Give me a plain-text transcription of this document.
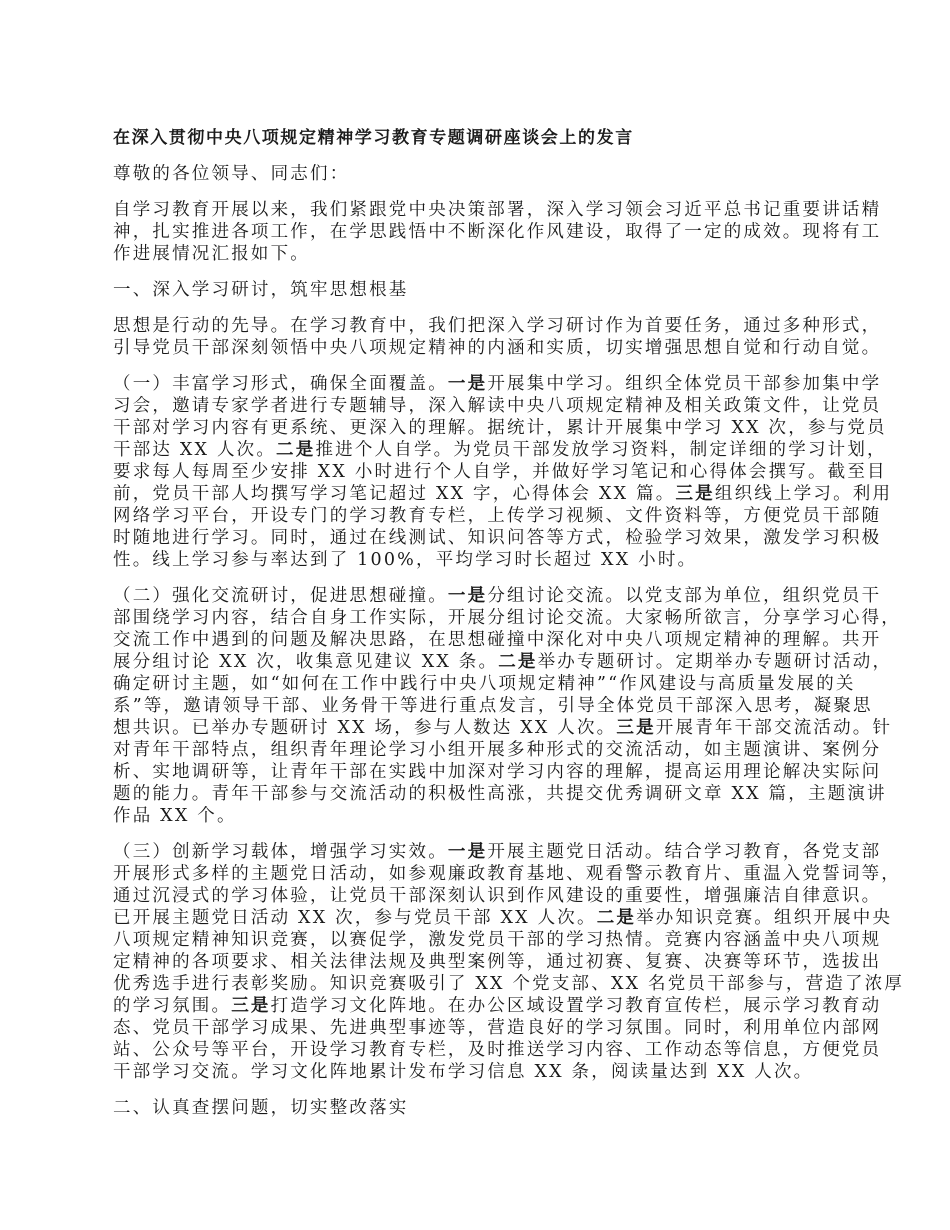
在深入贯彻中央八项规定精神学习教育专题调研座谈会上的发言
尊敬的各位领导、同志们：
自学习教育开展以来，我们紧跟党中央决策部署，深入学习领会习近平总书记重要讲话精
神，扎实推进各项工作，在学思践悟中不断深化作风建设，取得了一定的成效。现将有工
作进展情况汇报如下。
一、深入学习研讨，筑牢思想根基
思想是行动的先导。在学习教育中，我们把深入学习研讨作为首要任务，通过多种形式，
引导党员干部深刻领悟中央八项规定精神的内涵和实质，切实增强思想自觉和行动自觉。
（一）丰富学习形式，确保全面覆盖。一是开展集中学习。组织全体党员干部参加集中学
习会，邀请专家学者进行专题辅导，深入解读中央八项规定精神及相关政策文件，让党员
干部对学习内容有更系统、更深入的理解。据统计，累计开展集中学习 XX 次，参与党员
干部达 XX 人次。二是推进个人自学。为党员干部发放学习资料，制定详细的学习计划，
要求每人每周至少安排 XX 小时进行个人自学，并做好学习笔记和心得体会撰写。截至目
前，党员干部人均撰写学习笔记超过 XX 字，心得体会 XX 篇。三是组织线上学习。利用
网络学习平台，开设专门的学习教育专栏，上传学习视频、文件资料等，方便党员干部随
时随地进行学习。同时，通过在线测试、知识问答等方式，检验学习效果，激发学习积极
性。线上学习参与率达到了 100%，平均学习时长超过 XX 小时。
（二）强化交流研讨，促进思想碰撞。一是分组讨论交流。以党支部为单位，组织党员干
部围绕学习内容，结合自身工作实际，开展分组讨论交流。大家畅所欲言，分享学习心得，
交流工作中遇到的问题及解决思路，在思想碰撞中深化对中央八项规定精神的理解。共开
展分组讨论 XX 次，收集意见建议 XX 条。二是举办专题研讨。定期举办专题研讨活动，
确定研讨主题，如“如何在工作中践行中央八项规定精神”“作风建设与高质量发展的关
系”等，邀请领导干部、业务骨干等进行重点发言，引导全体党员干部深入思考，凝聚思
想共识。已举办专题研讨 XX 场，参与人数达 XX 人次。三是开展青年干部交流活动。针
对青年干部特点，组织青年理论学习小组开展多种形式的交流活动，如主题演讲、案例分
析、实地调研等，让青年干部在实践中加深对学习内容的理解，提高运用理论解决实际问
题的能力。青年干部参与交流活动的积极性高涨，共提交优秀调研文章 XX 篇，主题演讲
作品 XX 个。
（三）创新学习载体，增强学习实效。一是开展主题党日活动。结合学习教育，各党支部
开展形式多样的主题党日活动，如参观廉政教育基地、观看警示教育片、重温入党誓词等，
通过沉浸式的学习体验，让党员干部深刻认识到作风建设的重要性，增强廉洁自律意识。
已开展主题党日活动 XX 次，参与党员干部 XX 人次。二是举办知识竞赛。组织开展中央
八项规定精神知识竞赛，以赛促学，激发党员干部的学习热情。竞赛内容涵盖中央八项规
定精神的各项要求、相关法律法规及典型案例等，通过初赛、复赛、决赛等环节，选拔出
优秀选手进行表彰奖励。知识竞赛吸引了 XX 个党支部、XX 名党员干部参与，营造了浓厚
的学习氛围。三是打造学习文化阵地。在办公区域设置学习教育宣传栏，展示学习教育动
态、党员干部学习成果、先进典型事迹等，营造良好的学习氛围。同时，利用单位内部网
站、公众号等平台，开设学习教育专栏，及时推送学习内容、工作动态等信息，方便党员
干部学习交流。学习文化阵地累计发布学习信息 XX 条，阅读量达到 XX 人次。
二、认真查摆问题，切实整改落实
